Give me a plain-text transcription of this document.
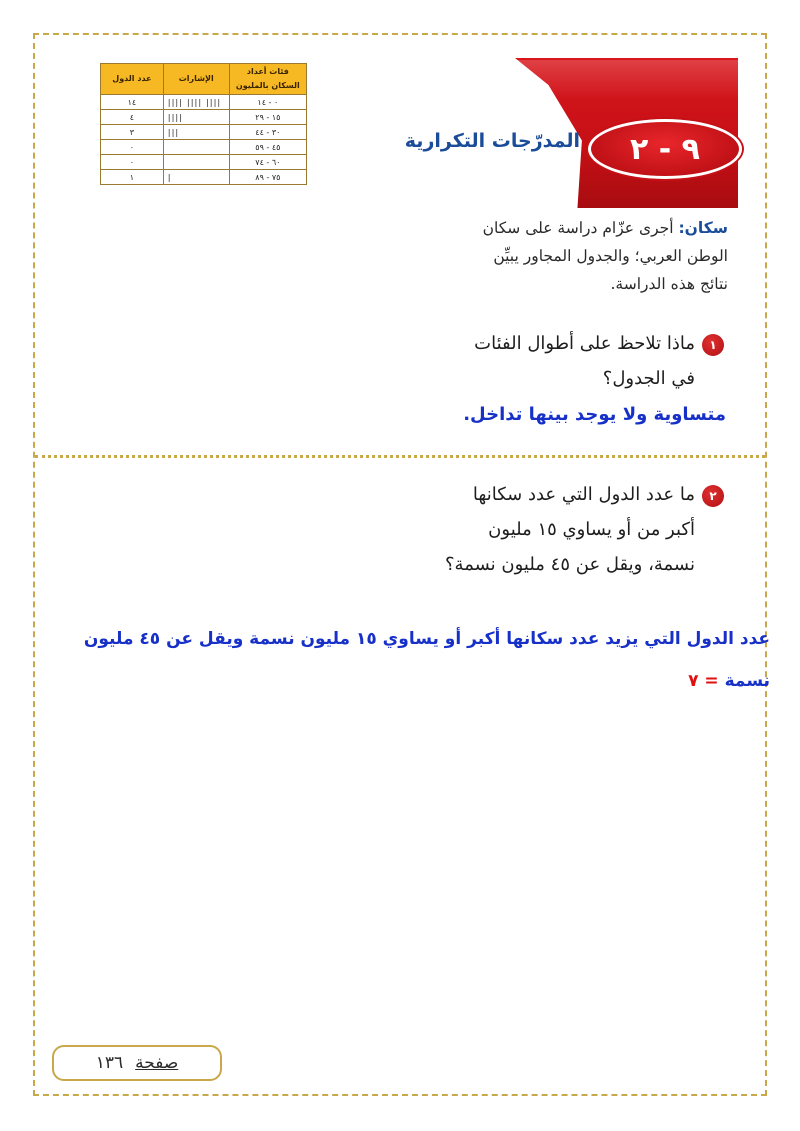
فئات أعداد السكان بالمليون	الإشارات	عدد الدول
٠ - ١٤	|||| |||| ||||	١٤
١٥ - ٢٩	||||	٤
٣٠ - ٤٤	|||	٣
٤٥ - ٥٩		٠
٦٠ - ٧٤		٠
٧٥ - ٨٩	|	١
٩ - ٢
المدرّجات التكرارية
سكان: أجرى عزّام دراسة على سكان الوطن العربي؛ والجدول المجاور يبيِّن نتائج هذه الدراسة.
١
ماذا تلاحظ على أطوال الفئات في الجدول؟
متساوية ولا يوجد بينها تداخل.
٢
ما عدد الدول التي عدد سكانها أكبر من أو يساوي ١٥ مليون نسمة، ويقل عن ٤٥ مليون نسمة؟
عدد الدول التي يزيد عدد سكانها أكبر أو يساوي ١٥ مليون نسمة ويقل عن ٤٥ مليون نسمة = ٧
صفحة
١٣٦
